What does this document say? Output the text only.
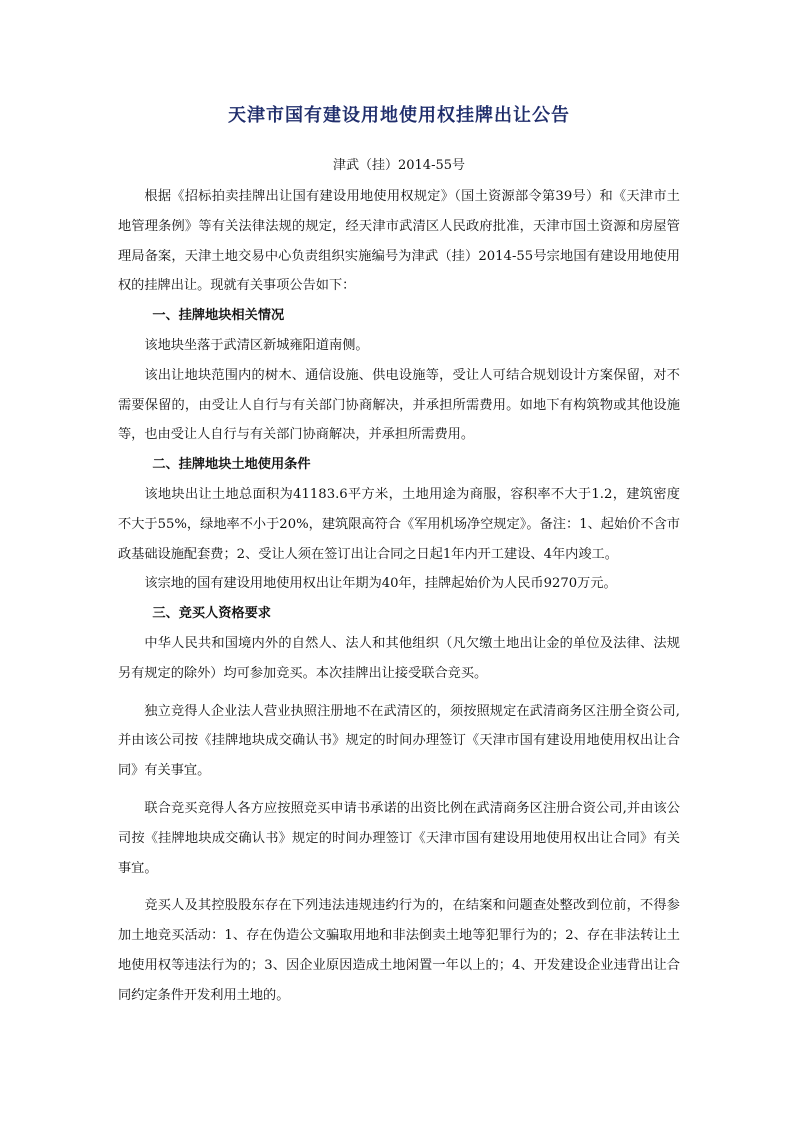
天津市国有建设用地使用权挂牌出让公告
津武（挂）2014-55号

根据《招标拍卖挂牌出让国有建设用地使用权规定》（国土资源部令第39号）和《天津市土地管理条例》等有关法律法规的规定，经天津市武清区人民政府批准，天津市国土资源和房屋管理局备案，天津土地交易中心负责组织实施编号为津武（挂）2014-55号宗地国有建设用地使用权的挂牌出让。现就有关事项公告如下：

一、挂牌地块相关情况

该地块坐落于武清区新城雍阳道南侧。

该出让地块范围内的树木、通信设施、供电设施等，受让人可结合规划设计方案保留，对不需要保留的，由受让人自行与有关部门协商解决，并承担所需费用。如地下有构筑物或其他设施等，也由受让人自行与有关部门协商解决，并承担所需费用。

二、挂牌地块土地使用条件

该地块出让土地总面积为41183.6平方米，土地用途为商服，容积率不大于1.2，建筑密度不大于55%，绿地率不小于20%，建筑限高符合《军用机场净空规定》。备注：1、起始价不含市政基础设施配套费；2、受让人须在签订出让合同之日起1年内开工建设、4年内竣工。

该宗地的国有建设用地使用权出让年期为40年，挂牌起始价为人民币9270万元。

三、竞买人资格要求

中华人民共和国境内外的自然人、法人和其他组织（凡欠缴土地出让金的单位及法律、法规另有规定的除外）均可参加竞买。本次挂牌出让接受联合竞买。

独立竞得人企业法人营业执照注册地不在武清区的，须按照规定在武清商务区注册全资公司,并由该公司按《挂牌地块成交确认书》规定的时间办理签订《天津市国有建设用地使用权出让合同》有关事宜。

联合竞买竞得人各方应按照竞买申请书承诺的出资比例在武清商务区注册合资公司,并由该公司按《挂牌地块成交确认书》规定的时间办理签订《天津市国有建设用地使用权出让合同》有关事宜。

竞买人及其控股股东存在下列违法违规违约行为的，在结案和问题查处整改到位前，不得参加土地竞买活动：1、存在伪造公文骗取用地和非法倒卖土地等犯罪行为的；2、存在非法转让土地使用权等违法行为的；3、因企业原因造成土地闲置一年以上的；4、开发建设企业违背出让合同约定条件开发利用土地的。
